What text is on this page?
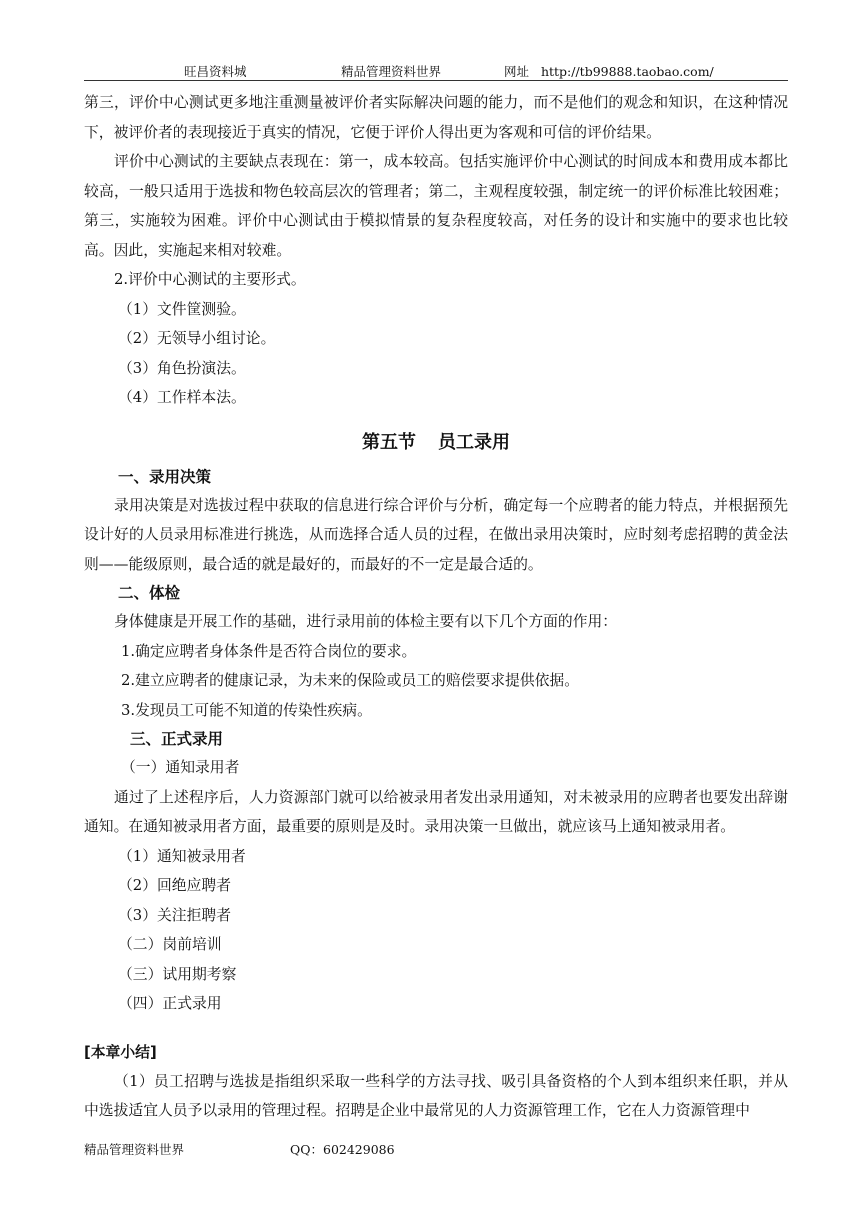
旺昌资料城	精品管理资料世界	网址 http://tb99888.taobao.com/

第三，评价中心测试更多地注重测量被评价者实际解决问题的能力，而不是他们的观念和知识，在这种情况下，被评价者的表现接近于真实的情况，它便于评价人得出更为客观和可信的评价结果。

评价中心测试的主要缺点表现在：第一，成本较高。包括实施评价中心测试的时间成本和费用成本都比较高，一般只适用于选拔和物色较高层次的管理者；第二，主观程度较强，制定统一的评价标准比较困难；第三，实施较为困难。评价中心测试由于模拟情景的复杂程度较高，对任务的设计和实施中的要求也比较高。因此，实施起来相对较难。

2.评价中心测试的主要形式。

（1）文件筐测验。

（2）无领导小组讨论。

（3）角色扮演法。

（4）工作样本法。

第五节 员工录用

一、录用决策

录用决策是对选拔过程中获取的信息进行综合评价与分析，确定每一个应聘者的能力特点，并根据预先设计好的人员录用标准进行挑选，从而选择合适人员的过程，在做出录用决策时，应时刻考虑招聘的黄金法则——能级原则，最合适的就是最好的，而最好的不一定是最合适的。

二、体检

身体健康是开展工作的基础，进行录用前的体检主要有以下几个方面的作用：

1.确定应聘者身体条件是否符合岗位的要求。

2.建立应聘者的健康记录，为未来的保险或员工的赔偿要求提供依据。

3.发现员工可能不知道的传染性疾病。

三、正式录用

（一）通知录用者

通过了上述程序后，人力资源部门就可以给被录用者发出录用通知，对未被录用的应聘者也要发出辞谢通知。在通知被录用者方面，最重要的原则是及时。录用决策一旦做出，就应该马上通知被录用者。

（1）通知被录用者

（2）回绝应聘者

（3）关注拒聘者

（二）岗前培训

（三）试用期考察

（四）正式录用

[本章小结]

（1）员工招聘与选拔是指组织采取一些科学的方法寻找、吸引具备资格的个人到本组织来任职，并从中选拔适宜人员予以录用的管理过程。招聘是企业中最常见的人力资源管理工作，它在人力资源管理中

精品管理资料世界	QQ：602429086
